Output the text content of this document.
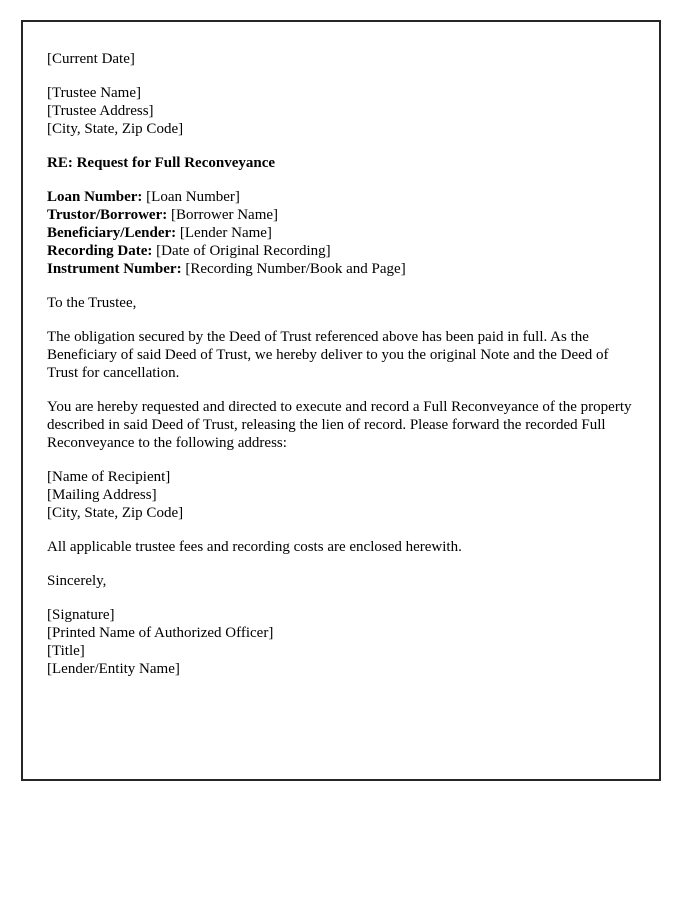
[Current Date]

[Trustee Name]
[Trustee Address]
[City, State, Zip Code]

RE: Request for Full Reconveyance

Loan Number: [Loan Number]
Trustor/Borrower: [Borrower Name]
Beneficiary/Lender: [Lender Name]
Recording Date: [Date of Original Recording]
Instrument Number: [Recording Number/Book and Page]

To the Trustee,

The obligation secured by the Deed of Trust referenced above has been paid in full. As the Beneficiary of said Deed of Trust, we hereby deliver to you the original Note and the Deed of Trust for cancellation.

You are hereby requested and directed to execute and record a Full Reconveyance of the property described in said Deed of Trust, releasing the lien of record. Please forward the recorded Full Reconveyance to the following address:

[Name of Recipient]
[Mailing Address]
[City, State, Zip Code]

All applicable trustee fees and recording costs are enclosed herewith.

Sincerely,

[Signature]
[Printed Name of Authorized Officer]
[Title]
[Lender/Entity Name]
